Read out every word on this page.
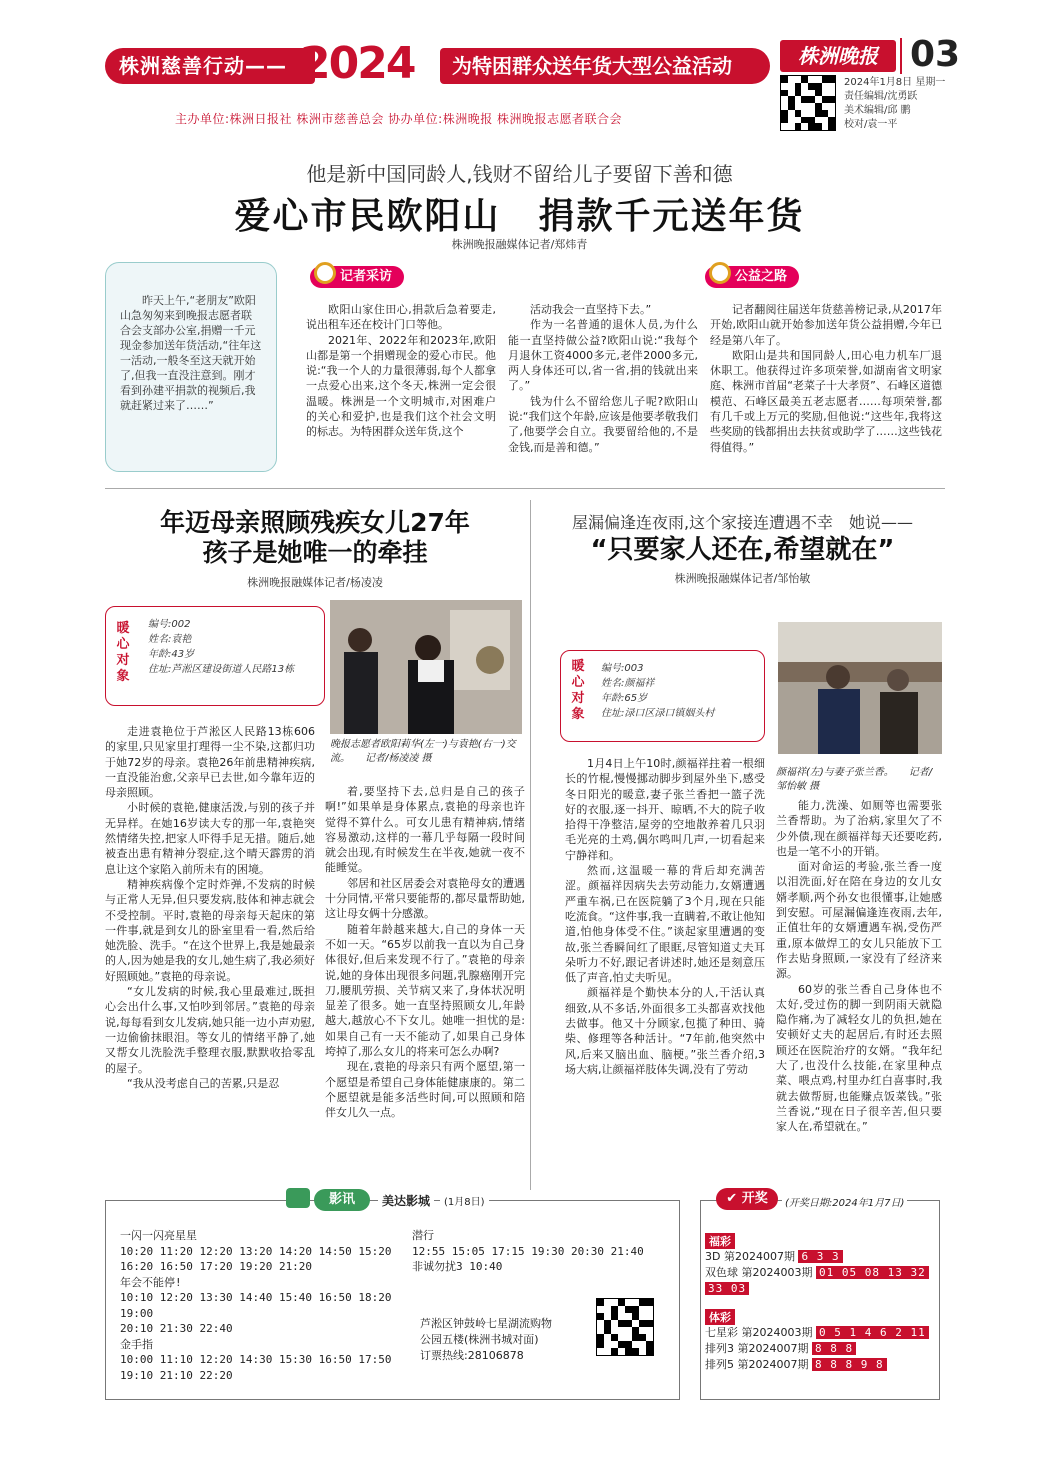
株洲慈善行动—— 2024	为特困群众送年货大型公益活动	株洲晚报 03
2024年1月8日 星期一
责任编辑/沈勇跃
美术编辑/邱 鹏
校对/袁一平
主办单位:株洲日报社 株洲市慈善总会 协办单位:株洲晚报 株洲晚报志愿者联合会
他是新中国同龄人,钱财不留给儿子要留下善和德
爱心市民欧阳山　捐款千元送年货
株洲晚报融媒体记者/郑炜青
昨天上午,“老朋友”欧阳山急匆匆来到晚报志愿者联合会支部办公室,捐赠一千元现金参加送年货活动,“往年这一活动,一般冬至这天就开始了,但我一直没注意到。刚才看到孙建平捐款的视频后,我就赶紧过来了……”
记者采访	公益之路

欧阳山家住田心,捐款后急着要走,说出租车还在校计门口等他。

2021年、2022年和2023年,欧阳山都是第一个捐赠现金的爱心市民。他说:“我一个人的力量很薄弱,每个人都拿一点爱心出来,这个冬天,株洲一定会很温暖。株洲是一个文明城市,对困难户的关心和爱护,也是我们这个社会文明的标志。为特困群众送年货,这个

活动我会一直坚持下去。”

作为一名普通的退休人员,为什么能一直坚持做公益?欧阳山说:“我每个月退休工资4000多元,老伴2000多元,两人身体还可以,省一省,捐的钱就出来了。”

钱为什么不留给您儿子呢?欧阳山说:“我们这个年龄,应该是他要孝敬我们了,他要学会自立。我要留给他的,不是金钱,而是善和德。”

记者翻阅往届送年货慈善榜记录,从2017年开始,欧阳山就开始参加送年货公益捐赠,今年已经是第八年了。

欧阳山是共和国同龄人,田心电力机车厂退休职工。他获得过许多项荣誉,如湖南省文明家庭、株洲市首届“老菜子十大孝贤”、石峰区道德模范、石峰区最美五老志愿者……每项荣誉,都有几千或上万元的奖励,但他说:“这些年,我将这些奖励的钱都捐出去扶贫或助学了……这些钱花得值得。”

年迈母亲照顾残疾女儿27年
孩子是她唯一的牵挂
株洲晚报融媒体记者/杨凌凌
暖心对象
编号:002
姓名:袁艳
年龄:43岁
住址:芦淞区建设街道人民路13栋
晚报志愿者欧阳莉华(左一)与袁艳(右一)交流。　　记者/杨凌凌 摄

走进袁艳位于芦淞区人民路13栋606的家里,只见家里打理得一尘不染,这都归功于她72岁的母亲。袁艳26年前患精神疾病,一直没能治愈,父亲早已去世,如今靠年迈的母亲照顾。

小时候的袁艳,健康活泼,与别的孩子并无异样。在她16岁读大专的那一年,袁艳突然情绪失控,把家人吓得手足无措。随后,她被查出患有精神分裂症,这个晴天霹雳的消息让这个家陷入前所未有的困境。

精神疾病像个定时炸弹,不发病的时候与正常人无异,但只要发病,肢体和神志就会不受控制。平时,袁艳的母亲每天起床的第一件事,就是到女儿的卧室里看一看,然后给她洗脸、洗手。“在这个世界上,我是她最亲的人,因为她是我的女儿,她生病了,我必须好好照顾她。”袁艳的母亲说。

“女儿发病的时候,我心里最难过,既担心会出什么事,又怕吵到邻居。”袁艳的母亲说,每每看到女儿发病,她只能一边小声劝慰,一边偷偷抹眼泪。等女儿的情绪平静了,她又帮女儿洗脸洗手整理衣服,默默收拾零乱的屋子。

“我从没考虑自己的苦累,只是忍

着,要坚持下去,总归是自己的孩子啊!”如果单是身体累点,袁艳的母亲也许觉得不算什么。可女儿患有精神病,情绪容易激动,这样的一幕几乎每隔一段时间就会出现,有时候发生在半夜,她就一夜不能睡觉。

邻居和社区居委会对袁艳母女的遭遇十分同情,平常只要能帮的,都尽量帮助她,这让母女俩十分感激。

随着年龄越来越大,自己的身体一天不如一天。“65岁以前我一直以为自己身体很好,但后来发现不行了。”袁艳的母亲说,她的身体出现很多问题,乳腺癌刚开完刀,腰肌劳损、关节病又来了,身体状况明显差了很多。她一直坚持照顾女儿,年龄越大,越放心不下女儿。她唯一担忧的是:如果自己有一天不能动了,如果自己身体垮掉了,那么女儿的将来可怎么办啊?

现在,袁艳的母亲只有两个愿望,第一个愿望是希望自己身体能健康康的。第二个愿望就是能多活些时间,可以照顾和陪伴女儿久一点。

屋漏偏逢连夜雨,这个家接连遭遇不幸　她说——
“只要家人还在,希望就在”
株洲晚报融媒体记者/邹怡敏
暖心对象
编号:003
姓名:颜福祥
年龄:65岁
住址:渌口区渌口镇姻头村
颜福祥(左)与妻子张兰香。　　记者/邹怡敏 摄

1月4日上午10时,颜福祥拄着一根细长的竹棍,慢慢挪动脚步到屋外坐下,感受冬日阳光的暖意,妻子张兰香把一篮子洗好的衣服,逐一抖开、晾晒,不大的院子收拾得干净整洁,屋旁的空地散养着几只羽毛光亮的土鸡,偶尔鸣叫几声,一切看起来宁静祥和。

然而,这温暖一幕的背后却充满苦涩。颜福祥因病失去劳动能力,女婿遭遇严重车祸,已在医院躺了3个月,现在只能吃流食。“这件事,我一直瞒着,不敢让他知道,怕他身体受不住。”谈起家里遭遇的变故,张兰香瞬间红了眼眶,尽管知道丈夫耳朵听力不好,跟记者讲述时,她还是刻意压低了声音,怕丈夫听见。

颜福祥是个勤快本分的人,干活认真细致,从不多话,外面很多工头都喜欢找他去做事。他又十分顾家,包揽了种田、骑柴、修理等各种活计。“7年前,他突然中风,后来又脑出血、脑梗。”张兰香介绍,3场大病,让颜福祥肢体失调,没有了劳动

能力,洗澡、如厕等也需要张兰香帮助。为了治病,家里欠了不少外债,现在颜福祥每天还要吃药,也是一笔不小的开销。

面对命运的考验,张兰香一度以泪洗面,好在陪在身边的女儿女婿孝顺,两个孙女也很懂事,让她感到安慰。可屋漏偏逢连夜雨,去年,正值壮年的女婿遭遇车祸,受伤严重,原本做焊工的女儿只能放下工作去贴身照顾,一家没有了经济来源。

60岁的张兰香自己身体也不太好,受过伤的脚一到阴雨天就隐隐作痛,为了减轻女儿的负担,她在安顿好丈夫的起居后,有时还去照顾还在医院治疗的女婿。“我年纪大了,也没什么技能,在家里种点菜、喂点鸡,村里办红白喜事时,我就去做帮厨,也能赚点饭菜钱。”张兰香说,“现在日子很辛苦,但只要家人在,希望就在。”

影讯	美达影城	(1月8日)
一闪一闪亮星星
10:20 11:20 12:20 13:20 14:20 14:50 15:20
16:20 16:50 17:20 19:20 21:20
年会不能停!
10:10 12:20 13:30 14:40 15:40 16:50 18:20 19:00
20:10 21:30 22:40
金手指
10:00 11:10 12:20 14:30 15:30 16:50 17:50
19:10 21:10 22:20
潜行
12:55 15:05 17:15 19:30 20:30 21:40
非诚勿扰3 10:40
芦淞区钟鼓岭七星湖流购物
公园五楼(株洲书城对面)
订票热线:28106878
✔ 开奖	(开奖日期:2024年1月7日)
福彩
3D 第2024007期 6 3 3
双色球 第2024003期 01 05 08 13 32
33 03
体彩
七星彩 第2024003期 0 5 1 4 6 2 11
排列3 第2024007期 8 8 8
排列5 第2024007期 8 8 8 9 8
